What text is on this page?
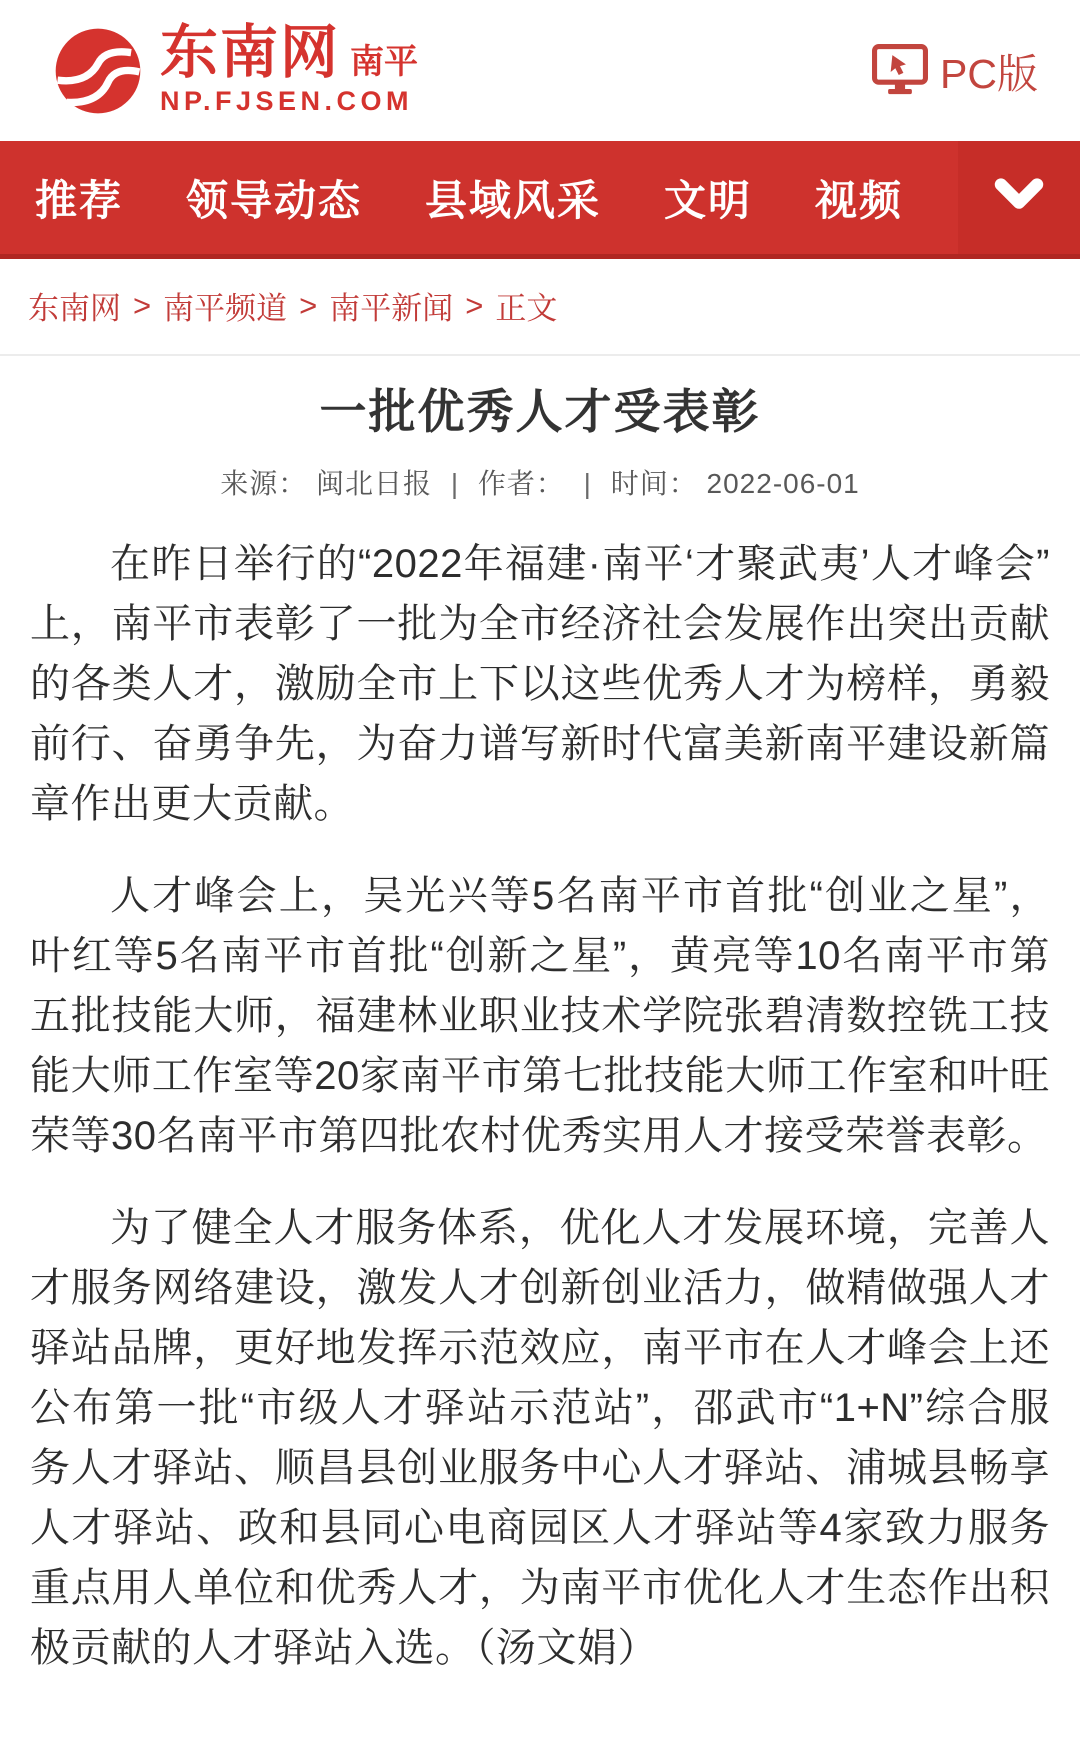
东南网 南平
NP.FJSEN.COM
PC版
推荐 领导动态 县域风采 文明 视频
东南网 > 南平频道 > 南平新闻 > 正文
一批优秀人才受表彰
来源： 闽北日报 | 作者： | 时间： 2022-06-01

在昨日举行的“2022年福建·南平‘才聚武夷’人才峰会”上，南平市表彰了一批为全市经济社会发展作出突出贡献的各类人才，激励全市上下以这些优秀人才为榜样，勇毅前行、奋勇争先，为奋力谱写新时代富美新南平建设新篇章作出更大贡献。

人才峰会上，吴光兴等5名南平市首批“创业之星”，叶红等5名南平市首批“创新之星”，黄亮等10名南平市第五批技能大师，福建林业职业技术学院张碧清数控铣工技能大师工作室等20家南平市第七批技能大师工作室和叶旺荣等30名南平市第四批农村优秀实用人才接受荣誉表彰。

为了健全人才服务体系，优化人才发展环境，完善人才服务网络建设，激发人才创新创业活力，做精做强人才驿站品牌，更好地发挥示范效应，南平市在人才峰会上还公布第一批“市级人才驿站示范站”，邵武市“1+N”综合服务人才驿站、顺昌县创业服务中心人才驿站、浦城县畅享人才驿站、政和县同心电商园区人才驿站等4家致力服务重点用人单位和优秀人才，为南平市优化人才生态作出积极贡献的人才驿站入选。（汤文娟）
